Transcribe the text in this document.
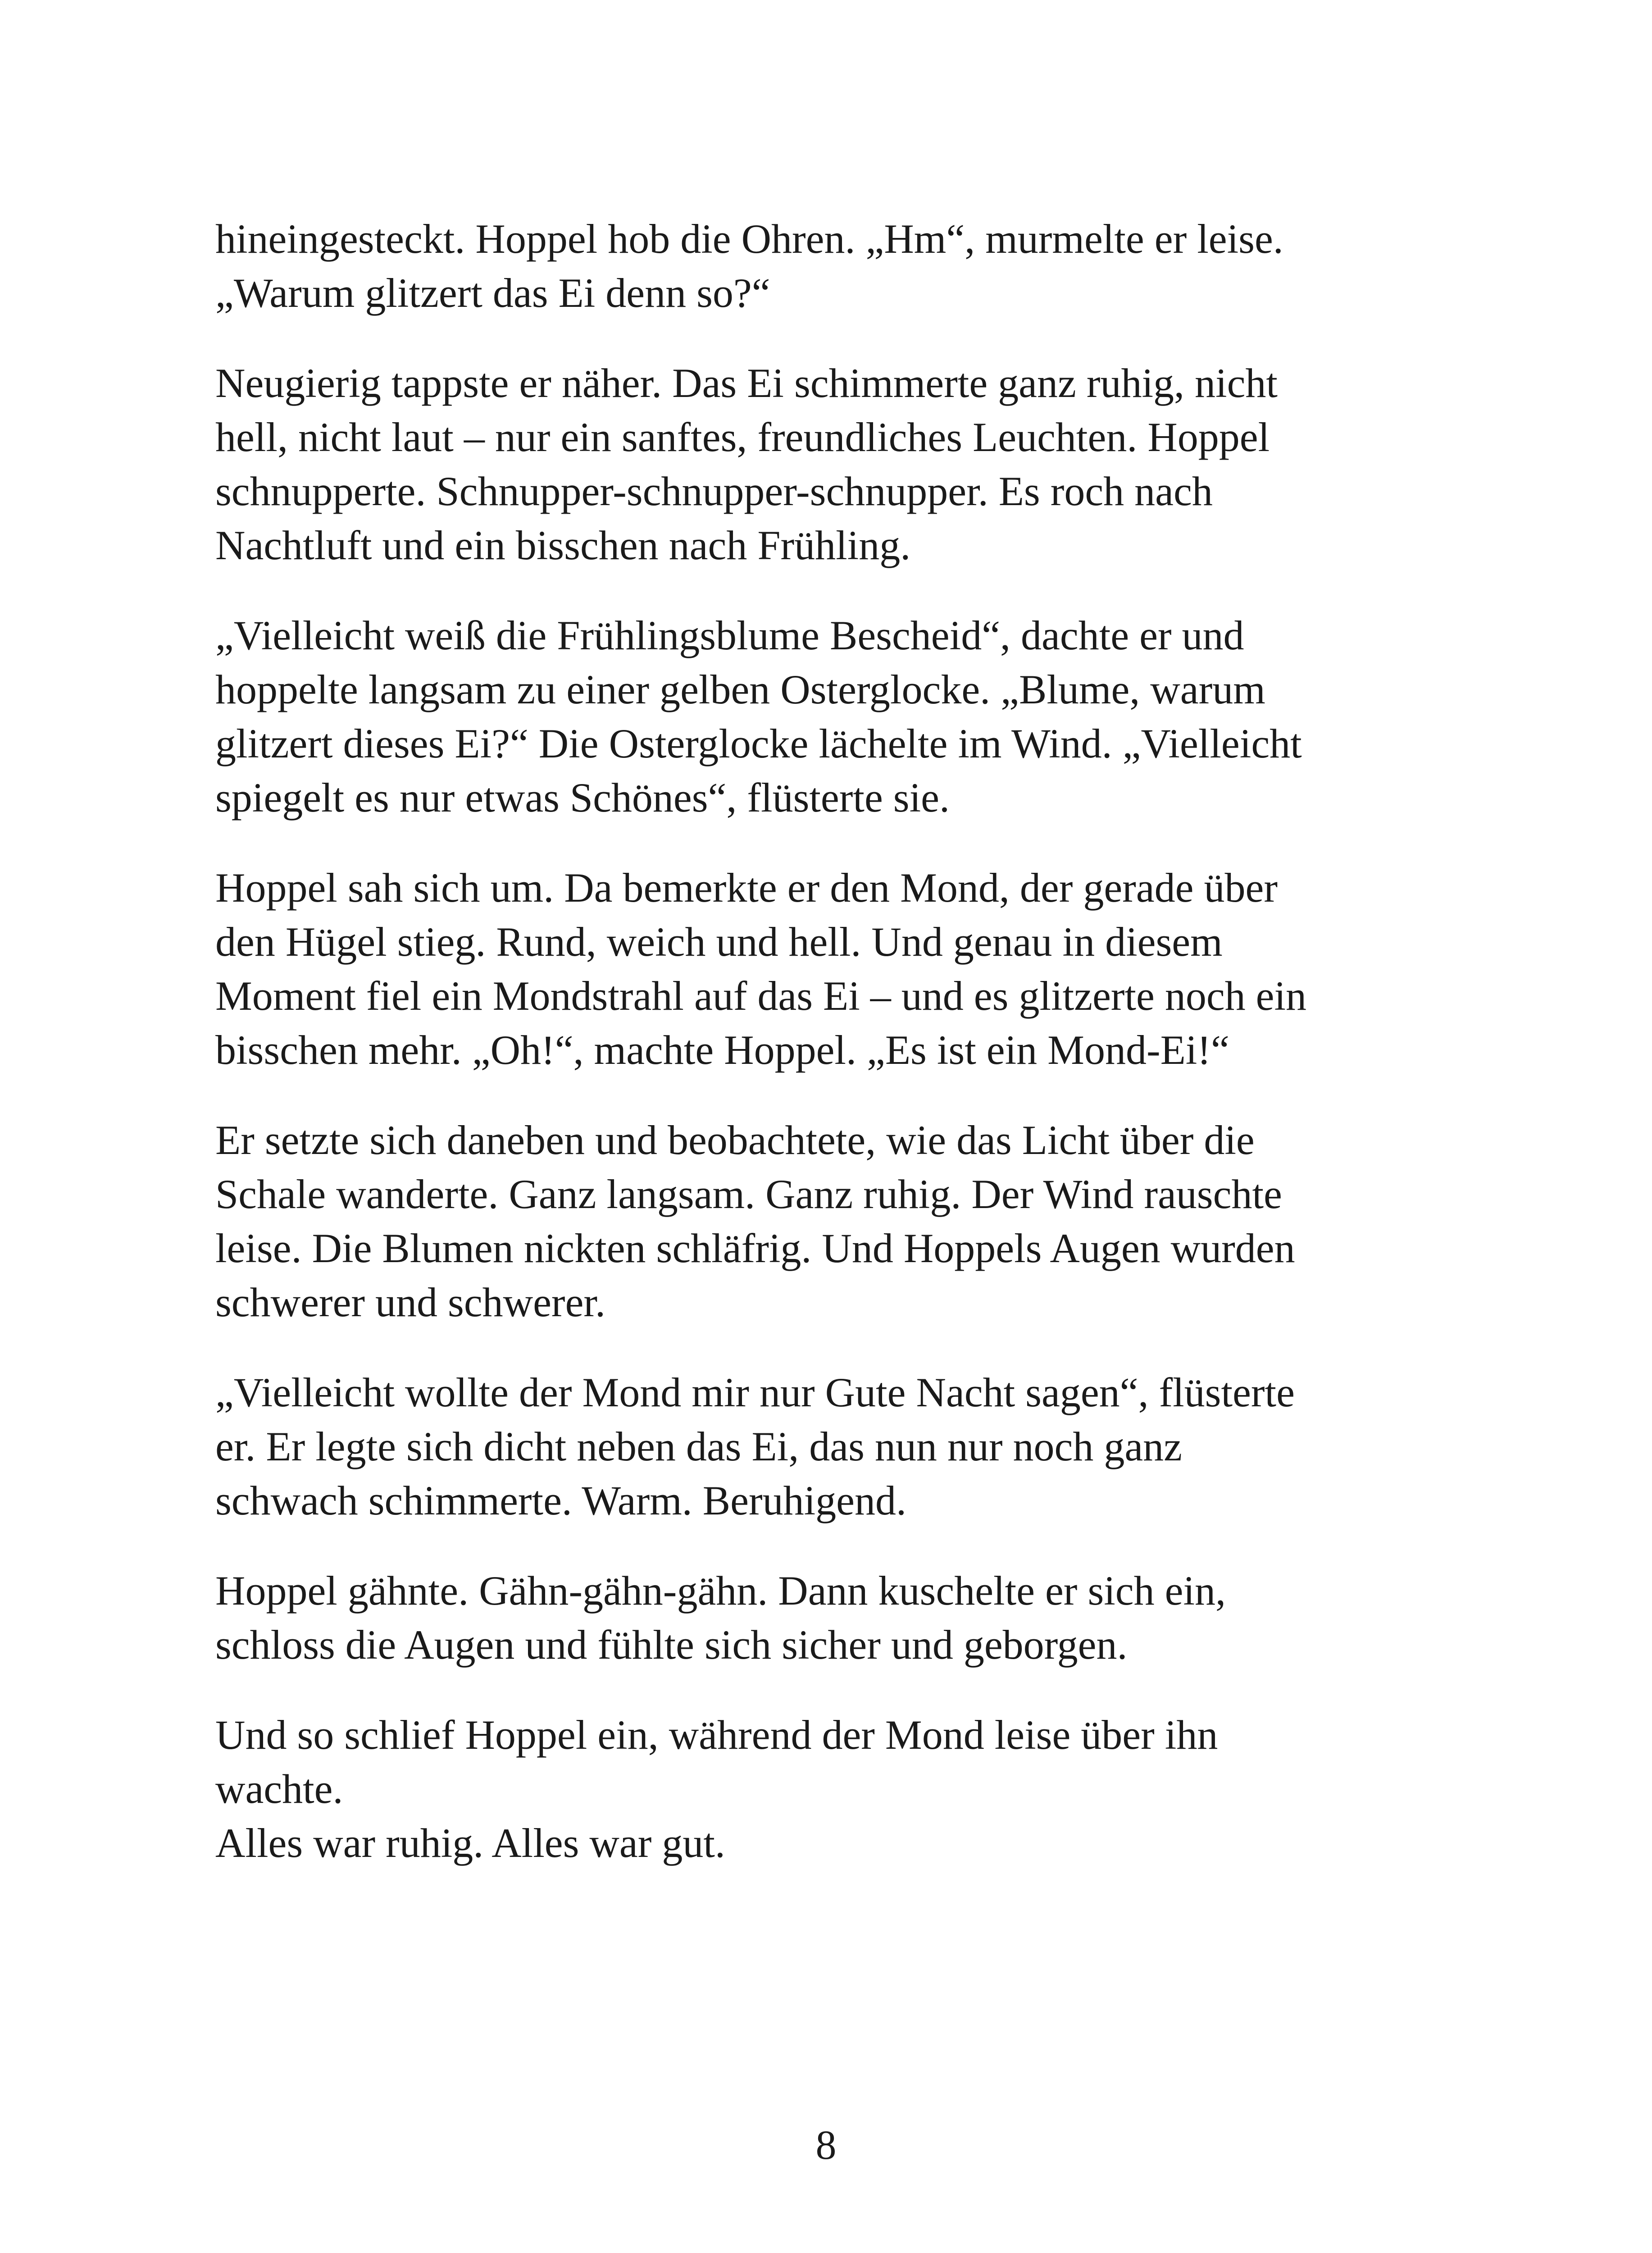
hineingesteckt. Hoppel hob die Ohren. „Hm“, murmelte er leise.
„Warum glitzert das Ei denn so?“

Neugierig tappste er näher. Das Ei schimmerte ganz ruhig, nicht
hell, nicht laut – nur ein sanftes, freundliches Leuchten. Hoppel
schnupperte. Schnupper-schnupper-schnupper. Es roch nach
Nachtluft und ein bisschen nach Frühling.

„Vielleicht weiß die Frühlingsblume Bescheid“, dachte er und
hoppelte langsam zu einer gelben Osterglocke. „Blume, warum
glitzert dieses Ei?“ Die Osterglocke lächelte im Wind. „Vielleicht
spiegelt es nur etwas Schönes“, flüsterte sie.

Hoppel sah sich um. Da bemerkte er den Mond, der gerade über
den Hügel stieg. Rund, weich und hell. Und genau in diesem
Moment fiel ein Mondstrahl auf das Ei – und es glitzerte noch ein
bisschen mehr. „Oh!“, machte Hoppel. „Es ist ein Mond-Ei!“

Er setzte sich daneben und beobachtete, wie das Licht über die
Schale wanderte. Ganz langsam. Ganz ruhig. Der Wind rauschte
leise. Die Blumen nickten schläfrig. Und Hoppels Augen wurden
schwerer und schwerer.

„Vielleicht wollte der Mond mir nur Gute Nacht sagen“, flüsterte
er. Er legte sich dicht neben das Ei, das nun nur noch ganz
schwach schimmerte. Warm. Beruhigend.

Hoppel gähnte. Gähn-gähn-gähn. Dann kuschelte er sich ein,
schloss die Augen und fühlte sich sicher und geborgen.

Und so schlief Hoppel ein, während der Mond leise über ihn
wachte.
Alles war ruhig. Alles war gut.

8
